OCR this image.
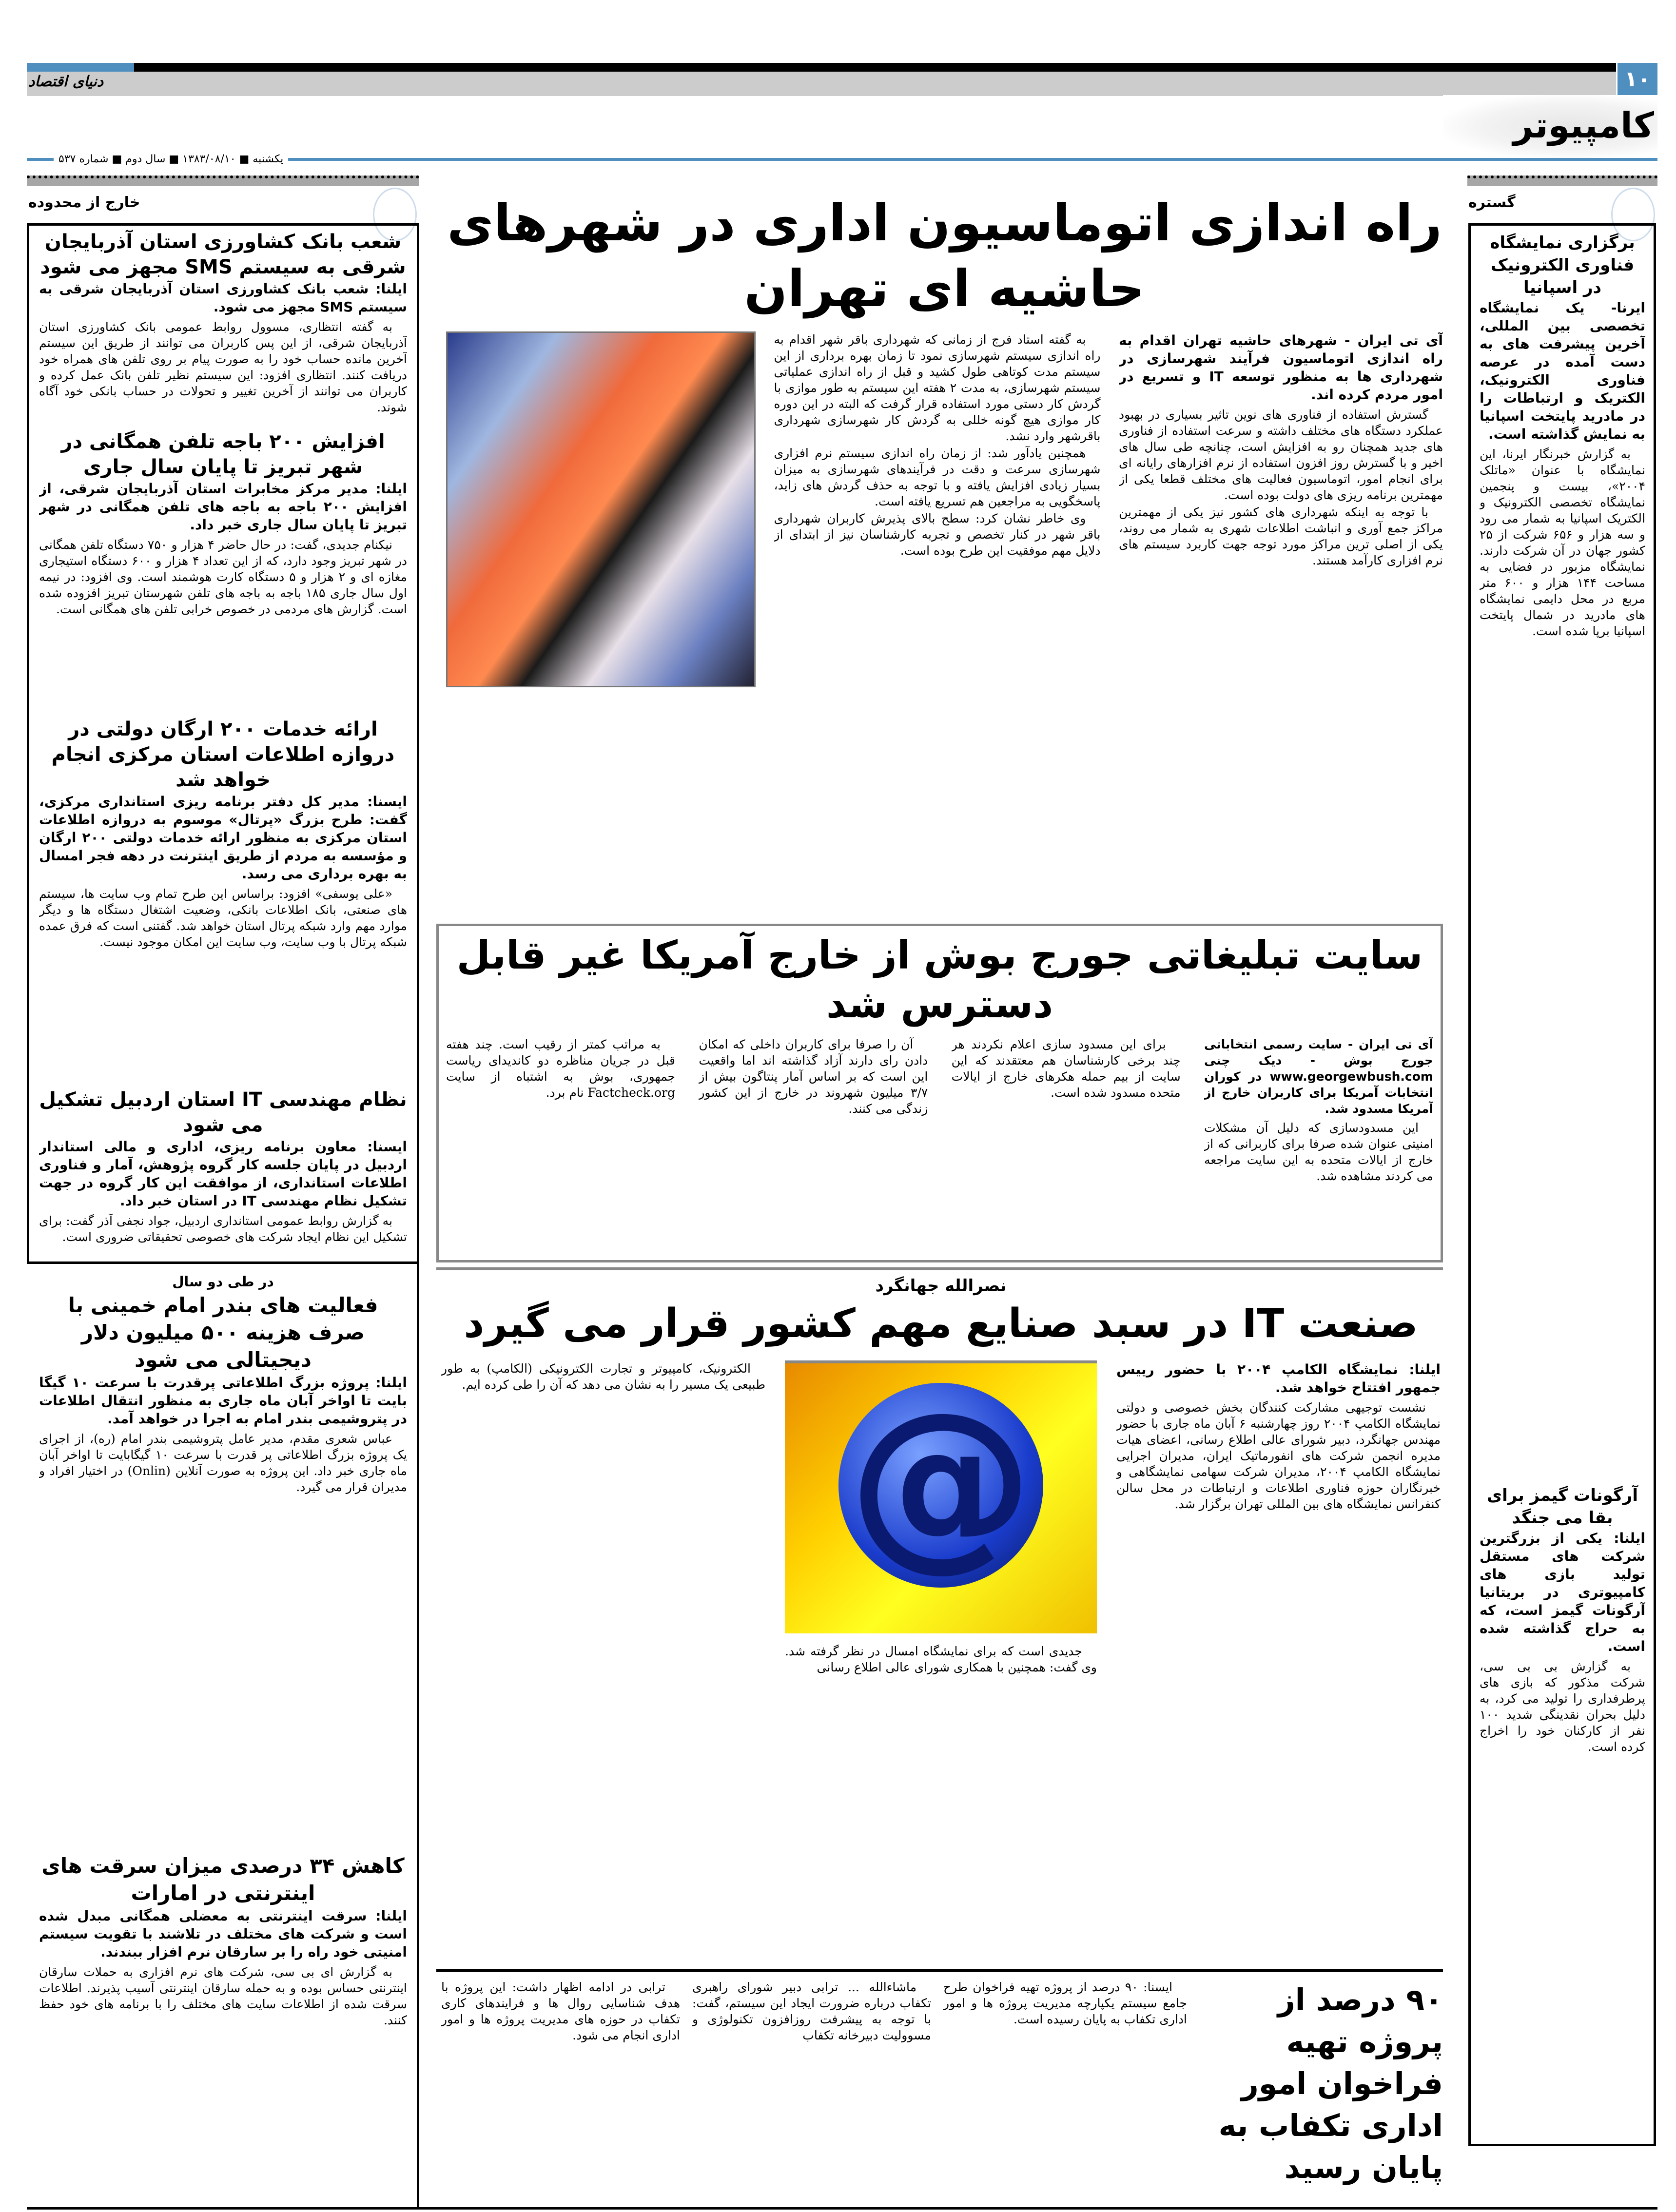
۱۰
دنیای اقتصاد
کامپیوتر
یکشنبه ■ ۱۳۸۳/۰۸/۱۰ ■ سال دوم ■ شماره ۵۳۷
خارج از محدوده
شعب بانک کشاورزی استان آذربایجان شرقی به سیستم SMS مجهز می شود
ایلنا: شعب بانک کشاورزی استان آذربایجان شرقی به سیستم SMS مجهز می شود.

به گفته انتظاری، مسوول روابط عمومی بانک کشاورزی استان آذربایجان شرقی، از این پس کاربران می توانند از طریق این سیستم آخرین مانده حساب خود را به صورت پیام بر روی تلفن های همراه خود دریافت کنند. انتظاری افزود: این سیستم نظیر تلفن بانک عمل کرده و کاربران می توانند از آخرین تغییر و تحولات در حساب بانکی خود آگاه شوند.

افزایش ۲۰۰ باجه تلفن همگانی در شهر تبریز تا پایان سال جاری
ایلنا: مدیر مرکز مخابرات استان آذربایجان شرقی، از افزایش ۲۰۰ باجه به باجه های تلفن همگانی در شهر تبریز تا پایان سال جاری خبر داد.

نیکنام جدیدی، گفت: در حال حاضر ۴ هزار و ۷۵۰ دستگاه تلفن همگانی در شهر تبریز وجود دارد، که از این تعداد ۴ هزار و ۶۰۰ دستگاه استیجاری مغازه ای و ۲ هزار و ۵ دستگاه کارت هوشمند است. وی افزود: در نیمه اول سال جاری ۱۸۵ باجه به باجه های تلفن شهرستان تبریز افزوده شده است. گزارش های مردمی در خصوص خرابی تلفن های همگانی است.

ارائه خدمات ۲۰۰ ارگان دولتی در دروازه اطلاعات استان مرکزی انجام خواهد شد
ایسنا: مدیر کل دفتر برنامه ریزی استانداری مرکزی، گفت: طرح بزرگ «پرتال» موسوم به دروازه اطلاعات استان مرکزی به منظور ارائه خدمات دولتی ۲۰۰ ارگان و مؤسسه به مردم از طریق اینترنت در دهه فجر امسال به بهره برداری می رسد.

«علی یوسفی» افزود: براساس این طرح تمام وب سایت ها، سیستم های صنعتی، بانک اطلاعات بانکی، وضعیت اشتغال دستگاه ها و دیگر موارد مهم وارد شبکه پرتال استان خواهد شد. گفتنی است که فرق عمده شبکه پرتال با وب سایت، وب سایت این امکان موجود نیست.

نظام مهندسی IT استان اردبیل تشکیل می شود
ایسنا: معاون برنامه ریزی، اداری و مالی استاندار اردبیل در پایان جلسه کار گروه پژوهش، آمار و فناوری اطلاعات استانداری، از موافقت این کار گروه در جهت تشکیل نظام مهندسی IT در استان خبر داد.

به گزارش روابط عمومی استانداری اردبیل، جواد نجفی آذر گفت: برای تشکیل این نظام ایجاد شرکت های خصوصی تحقیقاتی ضروری است.

در طی دو سال
فعالیت های بندر امام خمینی با صرف هزینه ۵۰۰ میلیون دلار دیجیتالی می شود
ایلنا: پروژه بزرگ اطلاعاتی پرقدرت با سرعت ۱۰ گیگا بایت تا اواخر آبان ماه جاری به منظور انتقال اطلاعات در پتروشیمی بندر امام به اجرا در خواهد آمد.

عباس شعری مقدم، مدیر عامل پتروشیمی بندر امام (ره)، از اجرای یک پروژه بزرگ اطلاعاتی پر قدرت با سرعت ۱۰ گیگابایت تا اواخر آبان ماه جاری خبر داد. این پروژه به صورت آنلاین (Onlin) در اختیار افراد و مدیران قرار می گیرد.

کاهش ۳۴ درصدی میزان سرقت های اینترنتی در امارات
ایلنا: سرقت اینترنتی به معضلی همگانی مبدل شده است و شرکت های مختلف در تلاشند با تقویت سیستم امنیتی خود راه را بر سارقان نرم افزار ببندند.

به گزارش ای بی سی، شرکت های نرم افزاری به حملات سارقان اینترنتی حساس بوده و به حمله سارقان اینترنتی آسیب پذیرند. اطلاعات سرقت شده از اطلاعات سایت های مختلف را با برنامه های خود حفظ کنند.

گستره
برگزاری نمایشگاه فناوری الکترونیک در اسپانیا
ایرنا- یک نمایشگاه تخصصی بین المللی، آخرین پیشرفت های به دست آمده در عرصه فناوری الکترونیک، الکتریک و ارتباطات را در مادرید پایتخت اسپانیا به نمایش گذاشته است.

به گزارش خبرنگار ایرنا، این نمایشگاه با عنوان «ماتلک ۲۰۰۴»، بیست و پنجمین نمایشگاه تخصصی الکترونیک و الکتریک اسپانیا به شمار می رود و سه هزار و ۶۵۶ شرکت از ۲۵ کشور جهان در آن شرکت دارند. نمایشگاه مزبور در فضایی به مساحت ۱۴۴ هزار و ۶۰۰ متر مربع در محل دایمی نمایشگاه های مادرید در شمال پایتخت اسپانیا برپا شده است.

آرگونات گیمز برای بقا می جنگد
ایلنا: یکی از بزرگترین شرکت های مستقل تولید بازی های کامپیوتری در بریتانیا آرگونات گیمز است، که به حراج گذاشته شده است.

به گزارش بی بی سی، شرکت مذکور که بازی های پرطرفداری را تولید می کرد، به دلیل بحران نقدینگی شدید ۱۰۰ نفر از کارکنان خود را اخراج کرده است.

راه اندازی اتوماسیون اداری در شهرهای حاشیه ای تهران
آی تی ایران - شهرهای حاشیه تهران اقدام به راه اندازی اتوماسیون فرآیند شهرسازی در شهرداری ها به منظور توسعه IT و تسریع در امور مردم کرده اند.

گسترش استفاده از فناوری های نوین تاثیر بسیاری در بهبود عملکرد دستگاه های مختلف داشته و سرعت استفاده از فناوری های جدید همچنان رو به افزایش است، چنانچه طی سال های اخیر و با گسترش روز افزون استفاده از نرم افزارهای رایانه ای برای انجام امور، اتوماسیون فعالیت های مختلف قطعا یکی از مهمترین برنامه ریزی های دولت بوده است.

با توجه به اینکه شهرداری های کشور نیز یکی از مهمترین مراکز جمع آوری و انباشت اطلاعات شهری به شمار می روند، یکی از اصلی ترین مراکز مورد توجه جهت کاربرد سیستم های نرم افزاری کارآمد هستند.

به گفته استاد فرج از زمانی که شهرداری باقر شهر اقدام به راه اندازی سیستم شهرسازی نمود تا زمان بهره برداری از این سیستم مدت کوتاهی طول کشید و قبل از راه اندازی عملیاتی سیستم شهرسازی، به مدت ۲ هفته این سیستم به طور موازی با گردش کار دستی مورد استفاده قرار گرفت که البته در این دوره کار موازی هیچ گونه خللی به گردش کار شهرسازی شهرداری باقرشهر وارد نشد.

همچنین یادآور شد: از زمان راه اندازی سیستم نرم افزاری شهرسازی سرعت و دقت در فرآیندهای شهرسازی به میزان بسیار زیادی افزایش یافته و با توجه به حذف گردش های زاید، پاسخگویی به مراجعین هم تسریع یافته است.

وی خاطر نشان کرد: سطح بالای پذیرش کاربران شهرداری باقر شهر در کنار تخصص و تجربه کارشناسان نیز از ابتدای از دلایل مهم موفقیت این طرح بوده است.

سایت تبلیغاتی جورج بوش از خارج آمریکا غیر قابل دسترس شد
آی تی ایران - سایت رسمی انتخاباتی جورج بوش - دیک چنی www.georgewbush.com در کوران انتخابات آمریکا برای کاربران خارج از آمریکا مسدود شد.

این مسدودسازی که دلیل آن مشکلات امنیتی عنوان شده صرفا برای کاربرانی که از خارج از ایالات متحده به این سایت مراجعه می کردند مشاهده شد.

برای این مسدود سازی اعلام نکردند هر چند برخی کارشناسان هم معتقدند که این سایت از بیم حمله هکرهای خارج از ایالات متحده مسدود شده است.

آن را صرفا برای کاربران داخلی که امکان دادن رای دارند آزاد گذاشته اند اما واقعیت این است که بر اساس آمار پنتاگون بیش از ۳/۷ میلیون شهروند در خارج از این کشور زندگی می کنند.

به مراتب کمتر از رقیب است. چند هفته قبل در جریان مناظره دو کاندیدای ریاست جمهوری، بوش به اشتباه از سایت Factcheck.org نام برد.

نصرالله جهانگرد
صنعت IT در سبد صنایع مهم کشور قرار می گیرد
ایلنا: نمایشگاه الکامپ ۲۰۰۴ با حضور رییس جمهور افتتاح خواهد شد.

نشست توجیهی مشارکت کنندگان بخش خصوصی و دولتی نمایشگاه الکامپ ۲۰۰۴ روز چهارشنبه ۶ آبان ماه جاری با حضور مهندس جهانگرد، دبیر شورای عالی اطلاع رسانی، اعضای هیات مدیره انجمن شرکت های انفورماتیک ایران، مدیران اجرایی نمایشگاه الکامپ ۲۰۰۴، مدیران شرکت سهامی نمایشگاهی و خبرنگاران حوزه فناوری اطلاعات و ارتباطات در محل سالن کنفرانس نمایشگاه های بین المللی تهران برگزار شد.

@

جدیدی است که برای نمایشگاه امسال در نظر گرفته شد. وی گفت: همچنین با همکاری شورای عالی اطلاع رسانی

الکترونیک، کامپیوتر و تجارت الکترونیکی (الکامپ) به طور طبیعی یک مسیر را به نشان می دهد که آن را طی کرده ایم.

۹۰ درصد از پروژه تهیه فراخوان امور اداری تکفاب به پایان رسید

ایسنا: ۹۰ درصد از پروژه تهیه فراخوان طرح جامع سیستم یکپارچه مدیریت پروژه ها و امور اداری تکفاب به پایان رسیده است.

ماشاءالله ... ترابی دبیر شورای راهبری تکفاب درباره ضرورت ایجاد این سیستم، گفت: با توجه به پیشرفت روزافزون تکنولوژی و مسوولیت دبیرخانه تکفاب

ترابی در ادامه اظهار داشت: این پروژه با هدف شناسایی روال ها و فرایندهای کاری تکفاب در حوزه های مدیریت پروژه ها و امور اداری انجام می شود.
